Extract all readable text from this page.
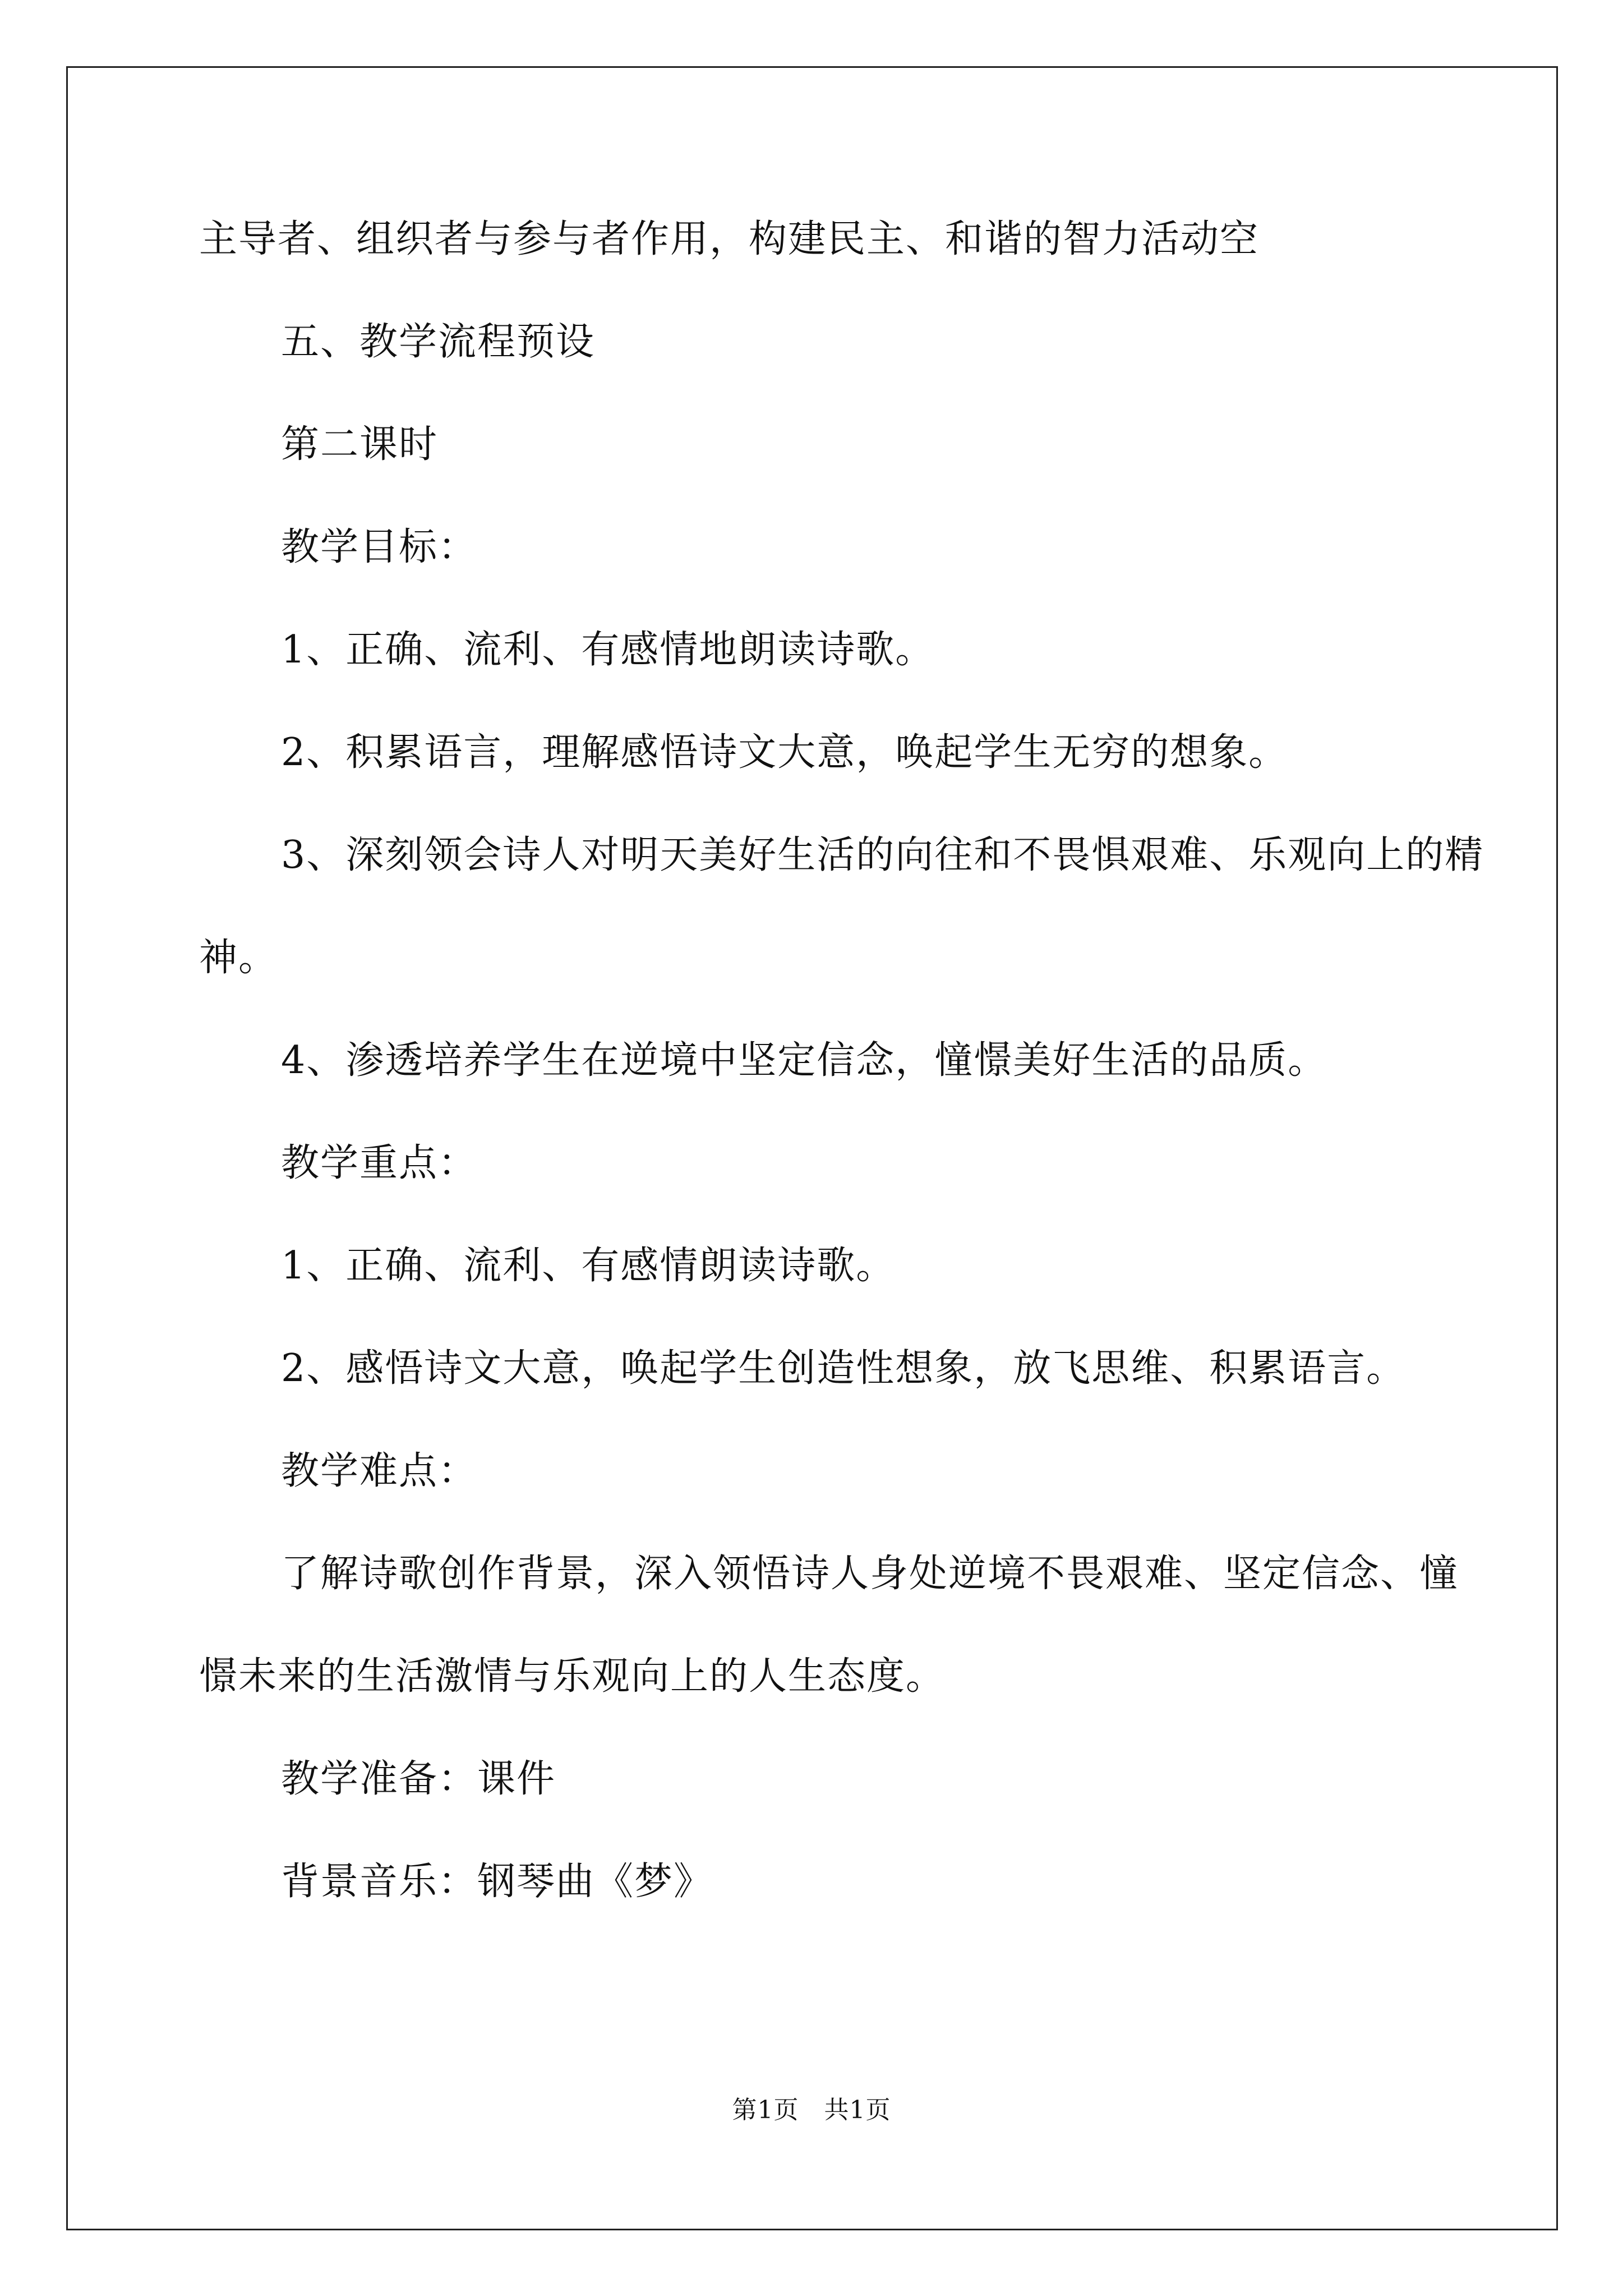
主导者、组织者与参与者作用，构建民主、和谐的智力活动空

五、教学流程预设

第二课时

教学目标：

1、正确、流利、有感情地朗读诗歌。

2、积累语言，理解感悟诗文大意，唤起学生无穷的想象。

3、深刻领会诗人对明天美好生活的向往和不畏惧艰难、乐观向上的精神。

4、渗透培养学生在逆境中坚定信念，憧憬美好生活的品质。

教学重点：

1、正确、流利、有感情朗读诗歌。

2、感悟诗文大意，唤起学生创造性想象，放飞思维、积累语言。

教学难点：

了解诗歌创作背景，深入领悟诗人身处逆境不畏艰难、坚定信念、憧憬未来的生活激情与乐观向上的人生态度。

教学准备：课件

背景音乐：钢琴曲《梦》

第1页　共1页
